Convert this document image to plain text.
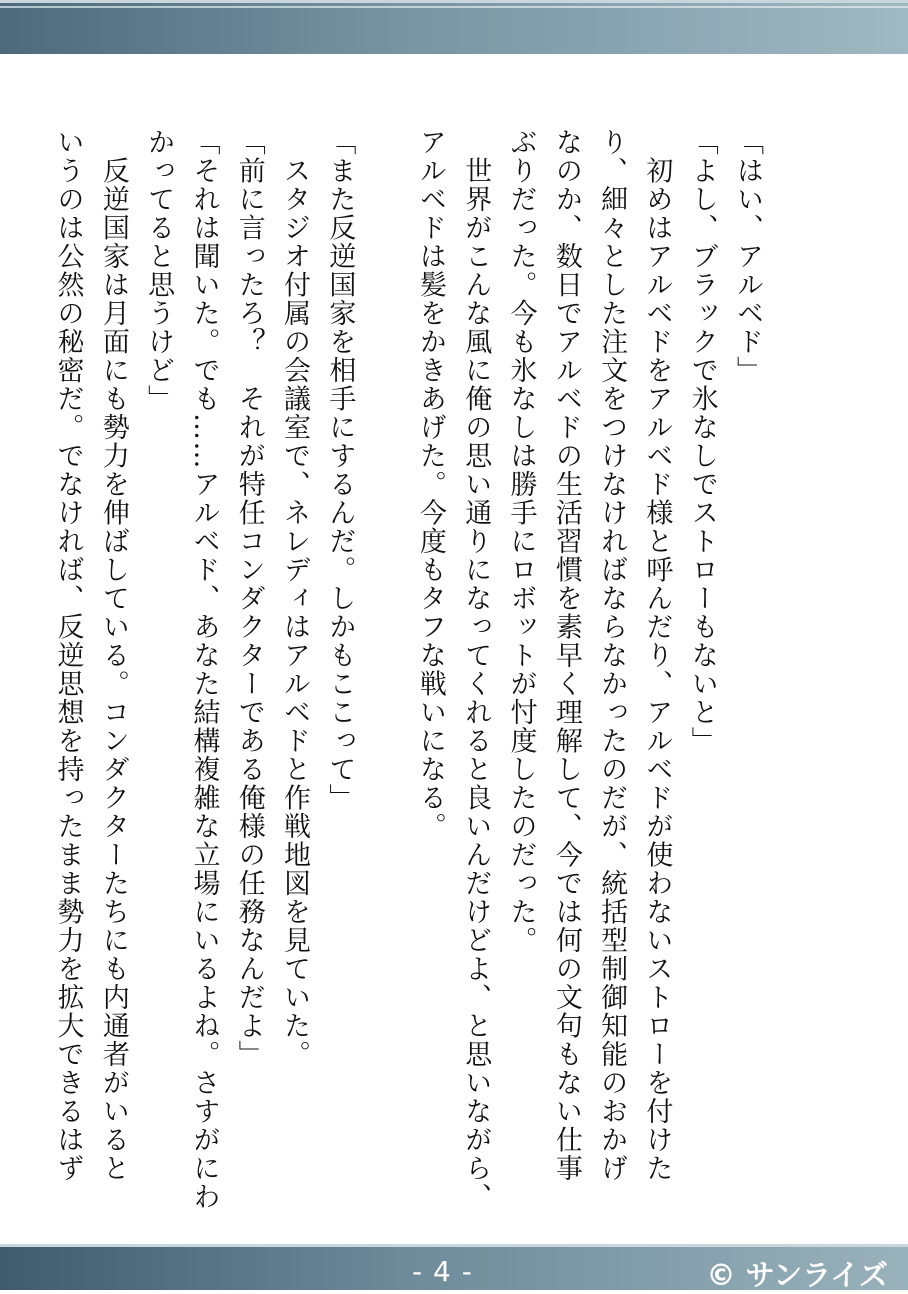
「はい、アルベド」

「よし、ブラックで氷なしでストローもないと」

　初めはアルベドをアルベド様と呼んだり、アルベドが使わないストローを付けた

り、細々とした注文をつけなければならなかったのだが、統括型制御知能のおかげ

なのか、数日でアルベドの生活習慣を素早く理解して、今では何の文句もない仕事

ぶりだった。今も氷なしは勝手にロボットが忖度したのだった。

　世界がこんな風に俺の思い通りになってくれると良いんだけどよ、と思いながら、

アルベドは髪をかきあげた。今度もタフな戦いになる。

「また反逆国家を相手にするんだ。しかもここって」

　スタジオ付属の会議室で、ネレディはアルベドと作戦地図を見ていた。

「前に言ったろ？　それが特任コンダクターである俺様の任務なんだよ」

「それは聞いた。でも……アルベド、あなた結構複雑な立場にいるよね。さすがにわ

かってると思うけど」

　反逆国家は月面にも勢力を伸ばしている。コンダクターたちにも内通者がいると

いうのは公然の秘密だ。でなければ、反逆思想を持ったまま勢力を拡大できるはず

- 4 -	© サンライズ
